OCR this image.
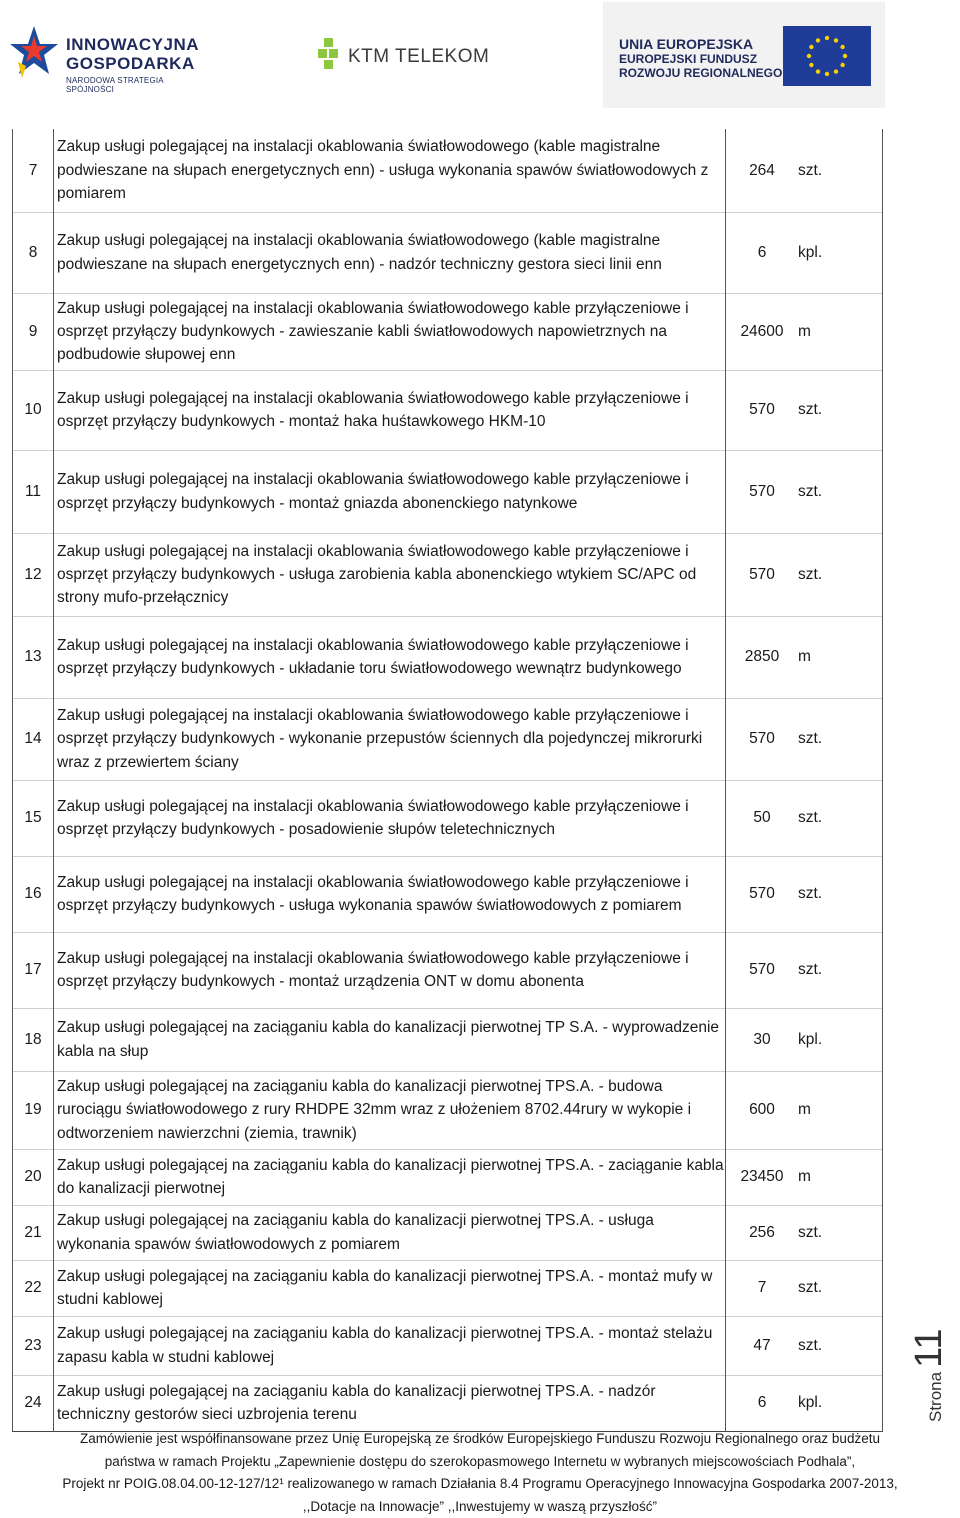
INNOWACYJNA
GOSPODARKA
NARODOWA STRATEGIA SPÓJNOŚCI
KTM TELEKOM
UNIA EUROPEJSKA
EUROPEJSKI FUNDUSZ
ROZWOJU REGIONALNEGO
7	Zakup usługi polegającej na instalacji okablowania światłowodowego (kable magistralne podwieszane na słupach energetycznych enn) - usługa wykonania spawów światłowodowych z pomiarem	264	szt.
8	Zakup usługi polegającej na instalacji okablowania światłowodowego (kable magistralne podwieszane na słupach energetycznych enn) - nadzór techniczny gestora sieci linii enn	6	kpl.
9	Zakup usługi polegającej na instalacji okablowania światłowodowego kable przyłączeniowe i osprzęt przyłączy budynkowych - zawieszanie kabli światłowodowych napowietrznych na podbudowie słupowej enn	24600	m
10	Zakup usługi polegającej na instalacji okablowania światłowodowego kable przyłączeniowe i osprzęt przyłączy budynkowych - montaż haka huśtawkowego HKM-10	570	szt.
11	Zakup usługi polegającej na instalacji okablowania światłowodowego kable przyłączeniowe i osprzęt przyłączy budynkowych - montaż gniazda abonenckiego natynkowe	570	szt.
12	Zakup usługi polegającej na instalacji okablowania światłowodowego kable przyłączeniowe i osprzęt przyłączy budynkowych - usługa zarobienia kabla abonenckiego wtykiem SC/APC od strony mufo-przełącznicy	570	szt.
13	Zakup usługi polegającej na instalacji okablowania światłowodowego kable przyłączeniowe i osprzęt przyłączy budynkowych - układanie toru światłowodowego wewnątrz budynkowego	2850	m
14	Zakup usługi polegającej na instalacji okablowania światłowodowego kable przyłączeniowe i osprzęt przyłączy budynkowych - wykonanie przepustów ściennych dla pojedynczej mikrorurki wraz z przewiertem ściany	570	szt.
15	Zakup usługi polegającej na instalacji okablowania światłowodowego kable przyłączeniowe i osprzęt przyłączy budynkowych - posadowienie słupów teletechnicznych	50	szt.
16	Zakup usługi polegającej na instalacji okablowania światłowodowego kable przyłączeniowe i osprzęt przyłączy budynkowych - usługa wykonania spawów światłowodowych z pomiarem	570	szt.
17	Zakup usługi polegającej na instalacji okablowania światłowodowego kable przyłączeniowe i osprzęt przyłączy budynkowych - montaż urządzenia ONT w domu abonenta	570	szt.
18	Zakup usługi polegającej na zaciąganiu kabla do kanalizacji pierwotnej TP S.A. - wyprowadzenie kabla na słup	30	kpl.
19	Zakup usługi polegającej na zaciąganiu kabla do kanalizacji pierwotnej TPS.A. - budowa rurociągu światłowodowego z rury RHDPE 32mm wraz z ułożeniem 8702.44rury w wykopie i odtworzeniem nawierzchni (ziemia, trawnik)	600	m
20	Zakup usługi polegającej na zaciąganiu kabla do kanalizacji pierwotnej TPS.A. - zaciąganie kabla do kanalizacji pierwotnej	23450	m
21	Zakup usługi polegającej na zaciąganiu kabla do kanalizacji pierwotnej TPS.A. - usługa wykonania spawów światłowodowych z pomiarem	256	szt.
22	Zakup usługi polegającej na zaciąganiu kabla do kanalizacji pierwotnej TPS.A. - montaż mufy w studni kablowej	7	szt.
23	Zakup usługi polegającej na zaciąganiu kabla do kanalizacji pierwotnej TPS.A. - montaż stelażu zapasu kabla w studni kablowej	47	szt.
24	Zakup usługi polegającej na zaciąganiu kabla do kanalizacji pierwotnej TPS.A. - nadzór techniczny gestorów sieci uzbrojenia terenu	6	kpl.	Strona11
Zamówienie jest współfinansowane przez Unię Europejską ze środków Europejskiego Funduszu Rozwoju Regionalnego oraz budżetu
państwa w ramach Projektu „Zapewnienie dostępu do szerokopasmowego Internetu w wybranych miejscowościach Podhala”,
Projekt nr POIG.08.04.00-12-127/12¹ realizowanego w ramach Działania 8.4 Programu Operacyjnego Innowacyjna Gospodarka 2007-2013,
,,Dotacje na Innowacje” ,,Inwestujemy w waszą przyszłość”
